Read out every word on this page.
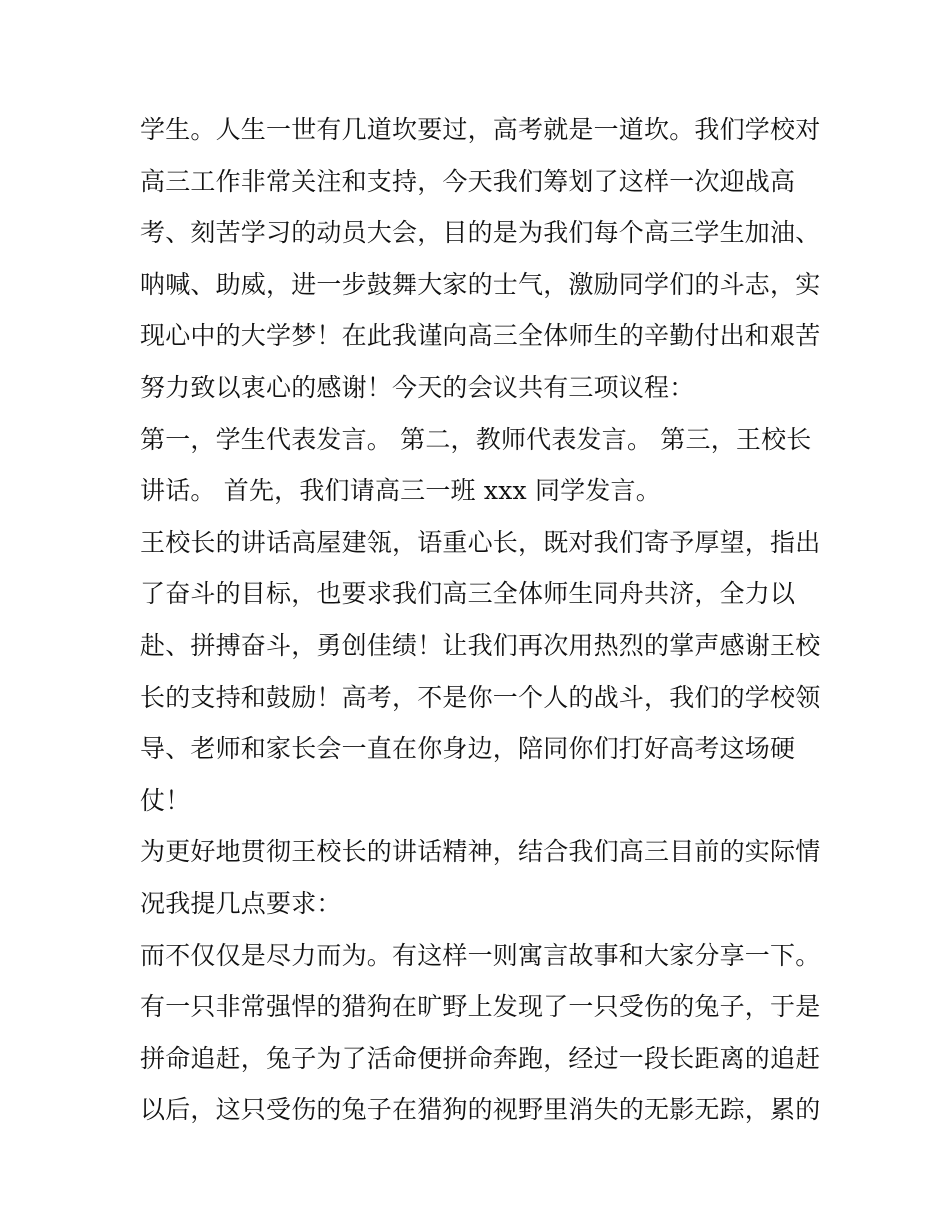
学生。人生一世有几道坎要过，高考就是一道坎。我们学校对
高三工作非常关注和支持，今天我们筹划了这样一次迎战高
考、刻苦学习的动员大会，目的是为我们每个高三学生加油、
呐喊、助威，进一步鼓舞大家的士气，激励同学们的斗志，实
现心中的大学梦！在此我谨向高三全体师生的辛勤付出和艰苦
努力致以衷心的感谢！今天的会议共有三项议程：
第一，学生代表发言。 第二，教师代表发言。 第三，王校长
讲话。 首先，我们请高三一班 xxx 同学发言。
王校长的讲话高屋建瓴，语重心长，既对我们寄予厚望，指出
了奋斗的目标，也要求我们高三全体师生同舟共济，全力以
赴、拼搏奋斗，勇创佳绩！让我们再次用热烈的掌声感谢王校
长的支持和鼓励！高考，不是你一个人的战斗，我们的学校领
导、老师和家长会一直在你身边，陪同你们打好高考这场硬
仗！
为更好地贯彻王校长的讲话精神，结合我们高三目前的实际情
况我提几点要求：
而不仅仅是尽力而为。有这样一则寓言故事和大家分享一下。
有一只非常强悍的猎狗在旷野上发现了一只受伤的兔子，于是
拼命追赶，兔子为了活命便拼命奔跑，经过一段长距离的追赶
以后，这只受伤的兔子在猎狗的视野里消失的无影无踪，累的
